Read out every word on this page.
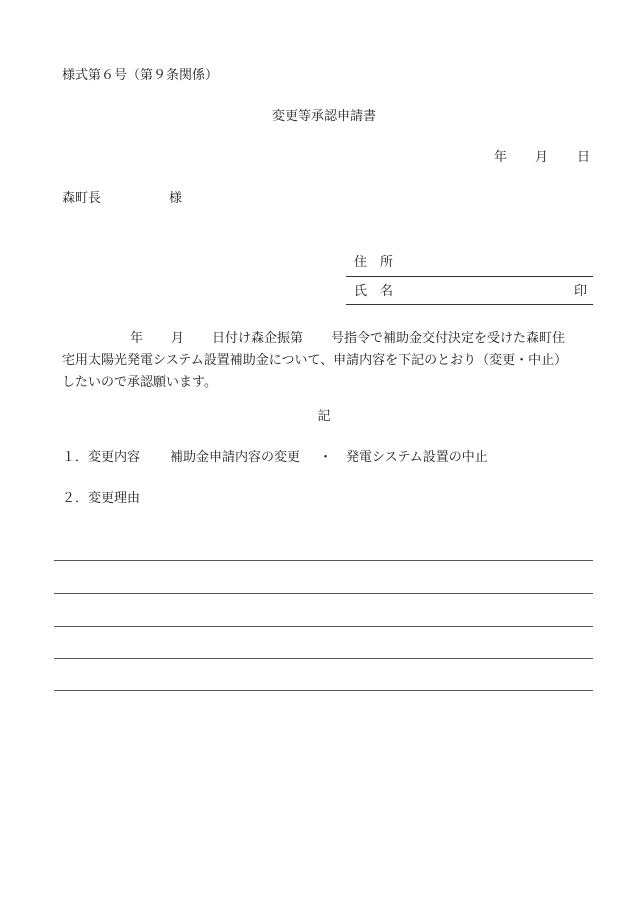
様式第６号（第９条関係）
変更等承認申請書
年 月 日
森町長	様
住　所
氏　名	印
年 月 日付け森企振第 号指令で補助金交付決定を受けた森町住
宅用太陽光発電システム設置補助金について、申請内容を下記のとおり（変更・中止）
したいので承認願います。
記
１．変更内容 補助金申請内容の変更 ・ 発電システム設置の中止
２．変更理由
